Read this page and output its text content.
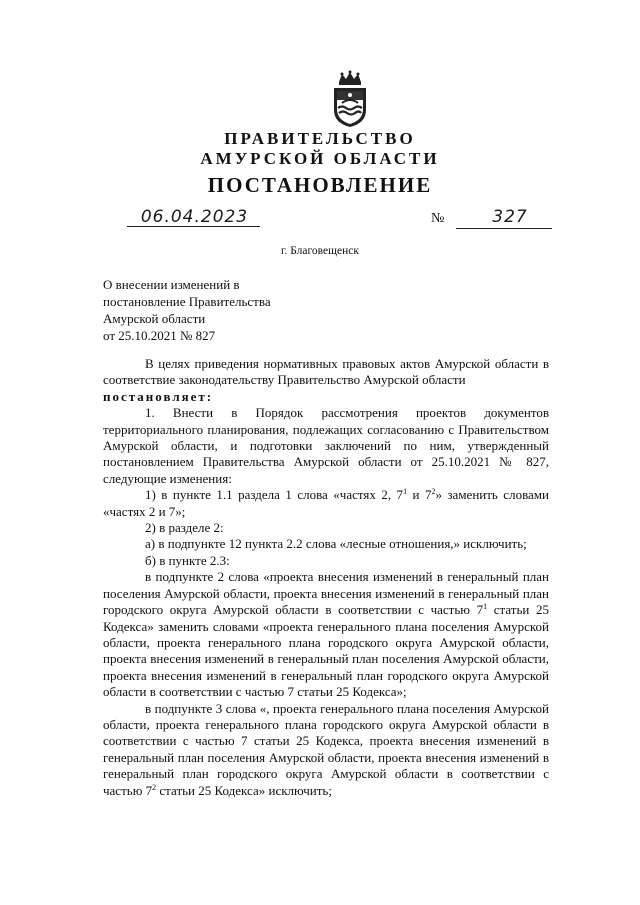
ПРАВИТЕЛЬСТВО
АМУРСКОЙ ОБЛАСТИ
ПОСТАНОВЛЕНИЕ
06.04.2023	№	327
г. Благовещенск
О внесении изменений в
постановление Правительства
Амурской области
от 25.10.2021 № 827

В целях приведения нормативных правовых актов Амурской области в соответствие законодательству Правительство Амурской области

постановляет:

1. Внести в Порядок рассмотрения проектов документов территориального планирования, подлежащих согласованию с Правительством Амурской области, и подготовки заключений по ним, утвержденный постановлением Правительства Амурской области от 25.10.2021 № 827, следующие изменения:

1) в пункте 1.1 раздела 1 слова «частях 2, $7^1$ и $7^2$» заменить словами «частях 2 и 7»;

2) в разделе 2:

а) в подпункте 12 пункта 2.2 слова «лесные отношения,» исключить;

б) в пункте 2.3:

в подпункте 2 слова «проекта внесения изменений в генеральный план поселения Амурской области, проекта внесения изменений в генеральный план городского округа Амурской области в соответствии с частью $7^1$ статьи 25 Кодекса» заменить словами «проекта генерального плана поселения Амурской области, проекта генерального плана городского округа Амурской области, проекта внесения изменений в генеральный план поселения Амурской области, проекта внесения изменений в генеральный план городского округа Амурской области в соответствии с частью 7 статьи 25 Кодекса»;

в подпункте 3 слова «, проекта генерального плана поселения Амурской области, проекта генерального плана городского округа Амурской области в соответствии с частью 7 статьи 25 Кодекса, проекта внесения изменений в генеральный план поселения Амурской области, проекта внесения изменений в генеральный план городского округа Амурской области в соответствии с частью $7^2$ статьи 25 Кодекса» исключить;
